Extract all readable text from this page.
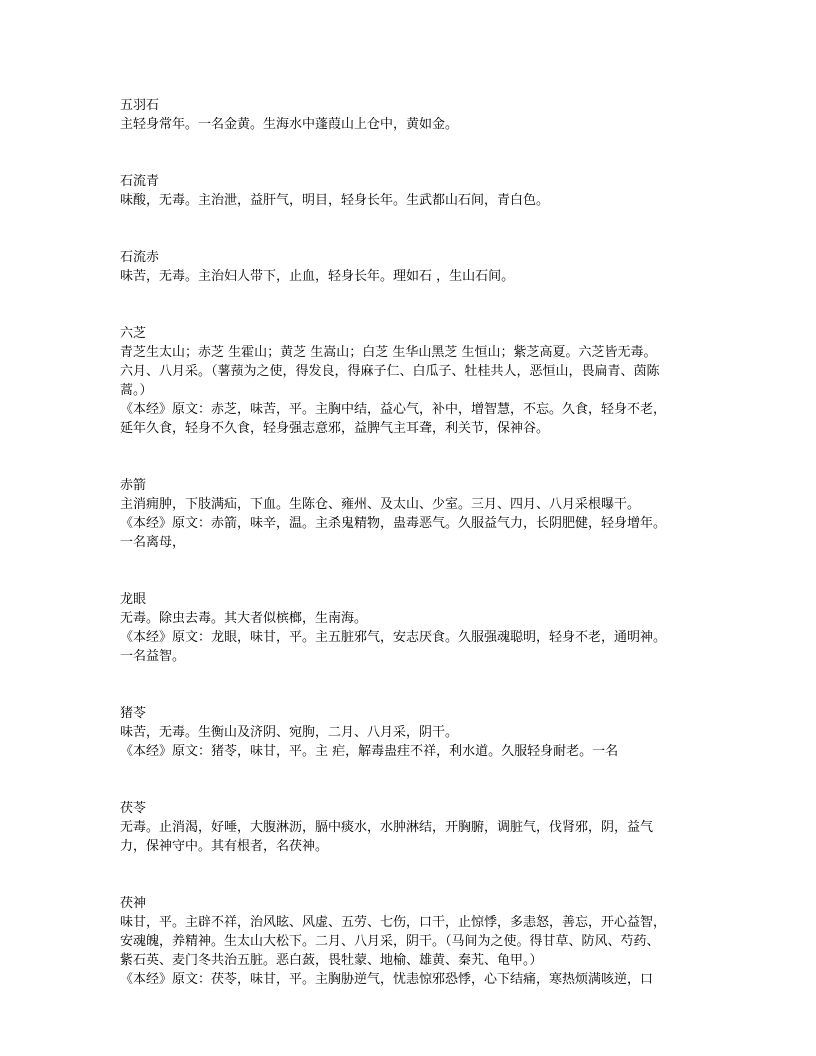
五羽石

主轻身常年。一名金黄。生海水中蓬葭山上仓中，黄如金。

石流青

味酸，无毒。主治泄，益肝气，明目，轻身长年。生武都山石间，青白色。

石流赤

味苦，无毒。主治妇人带下，止血，轻身长年。理如石 ，生山石间。

六芝

青芝生太山；赤芝 生霍山；黄芝 生嵩山；白芝 生华山黑芝 生恒山；紫芝高夏。六芝皆无毒。

六月、八月采。（薯蓣为之使，得发良，得麻子仁、白瓜子、牡桂共人，恶恒山，畏扁青、茵陈

蒿。）

《本经》原文：赤芝，味苦，平。主胸中结，益心气，补中，增智慧，不忘。久食，轻身不老，

延年久食，轻身不久食，轻身强志意邪，益脾气主耳聋，利关节，保神谷。

赤箭

主消痈肿，下肢满疝，下血。生陈仓、雍州、及太山、少室。三月、四月、八月采根曝干。

《本经》原文：赤箭，味辛，温。主杀鬼精物，蛊毒恶气。久服益气力，长阴肥健，轻身增年。

一名离母，

龙眼

无毒。除虫去毒。其大者似槟榔，生南海。

《本经》原文：龙眼，味甘，平。主五脏邪气，安志厌食。久服强魂聪明，轻身不老，通明神。

一名益智。

猪苓

味苦，无毒。生衡山及济阴、宛朐，二月、八月采，阴干。

《本经》原文：猪苓，味甘，平。主 疟，解毒蛊疰不祥，利水道。久服轻身耐老。一名

茯苓

无毒。止消渴，好唾，大腹淋沥，膈中痰水，水肿淋结，开胸腑，调脏气，伐肾邪，阴，益气

力，保神守中。其有根者，名茯神。

茯神

味甘，平。主辟不祥，治风眩、风虚、五劳、七伤，口干，止惊悸，多恚怒，善忘，开心益智，

安魂魄，养精神。生太山大松下。二月、八月采，阴干。（马间为之使。得甘草、防风、芍药、

紫石英、麦门冬共治五脏。恶白蔹，畏牡蒙、地榆、雄黄、秦艽、龟甲。）

《本经》原文：茯苓，味甘，平。主胸胁逆气，忧恚惊邪恐悸，心下结痛，寒热烦满咳逆，口
